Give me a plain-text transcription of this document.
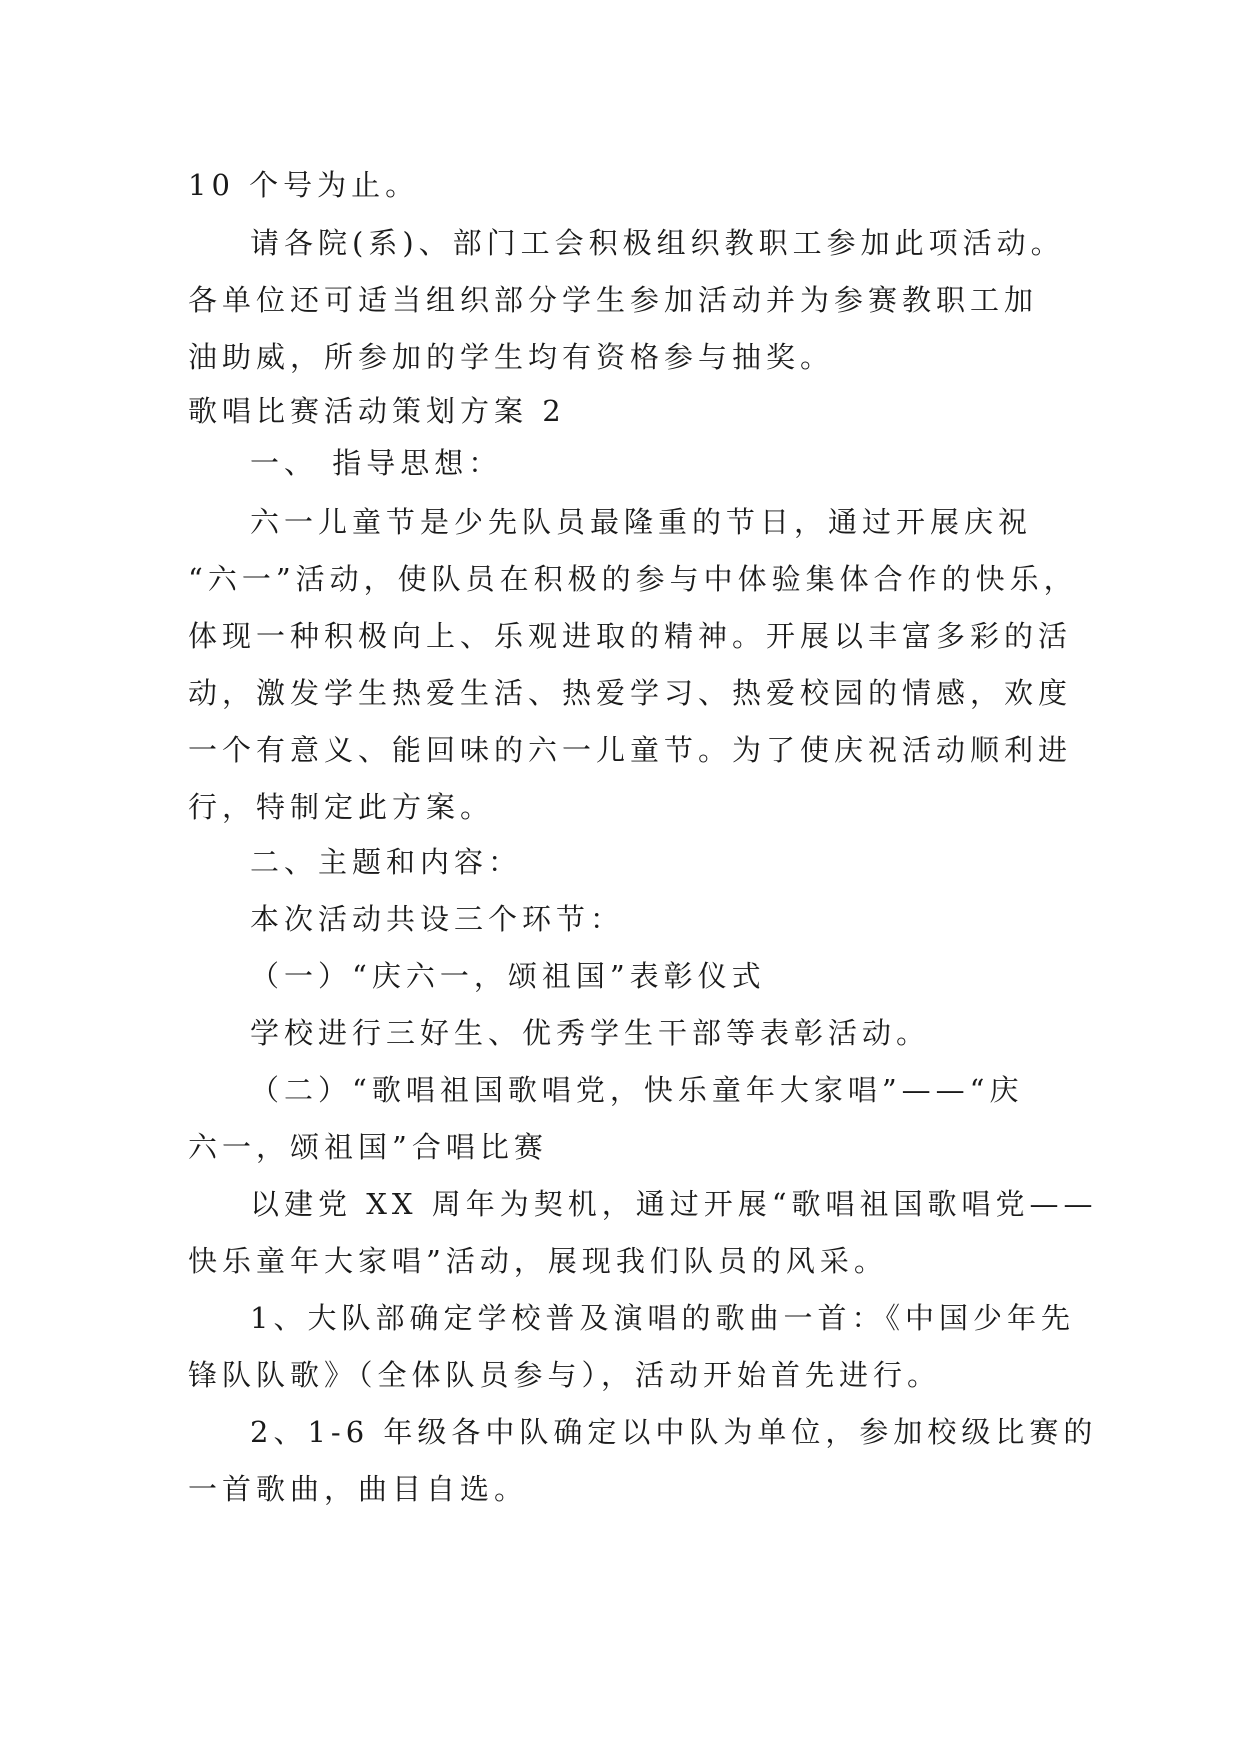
10 个号为止。
请各院(系)、部门工会积极组织教职工参加此项活动。
各单位还可适当组织部分学生参加活动并为参赛教职工加
油助威，所参加的学生均有资格参与抽奖。
歌唱比赛活动策划方案 2
一、 指导思想：
六一儿童节是少先队员最隆重的节日，通过开展庆祝
“六一”活动，使队员在积极的参与中体验集体合作的快乐，
体现一种积极向上、乐观进取的精神。开展以丰富多彩的活
动，激发学生热爱生活、热爱学习、热爱校园的情感，欢度
一个有意义、能回味的六一儿童节。为了使庆祝活动顺利进
行，特制定此方案。
二、主题和内容：
本次活动共设三个环节：
（一）“庆六一，颂祖国”表彰仪式
学校进行三好生、优秀学生干部等表彰活动。
（二）“歌唱祖国歌唱党，快乐童年大家唱”——“庆
六一，颂祖国”合唱比赛
以建党 XX 周年为契机，通过开展“歌唱祖国歌唱党——
快乐童年大家唱”活动，展现我们队员的风采。
1、大队部确定学校普及演唱的歌曲一首：《中国少年先
锋队队歌》（全体队员参与），活动开始首先进行。
2、1-6 年级各中队确定以中队为单位，参加校级比赛的
一首歌曲，曲目自选。
